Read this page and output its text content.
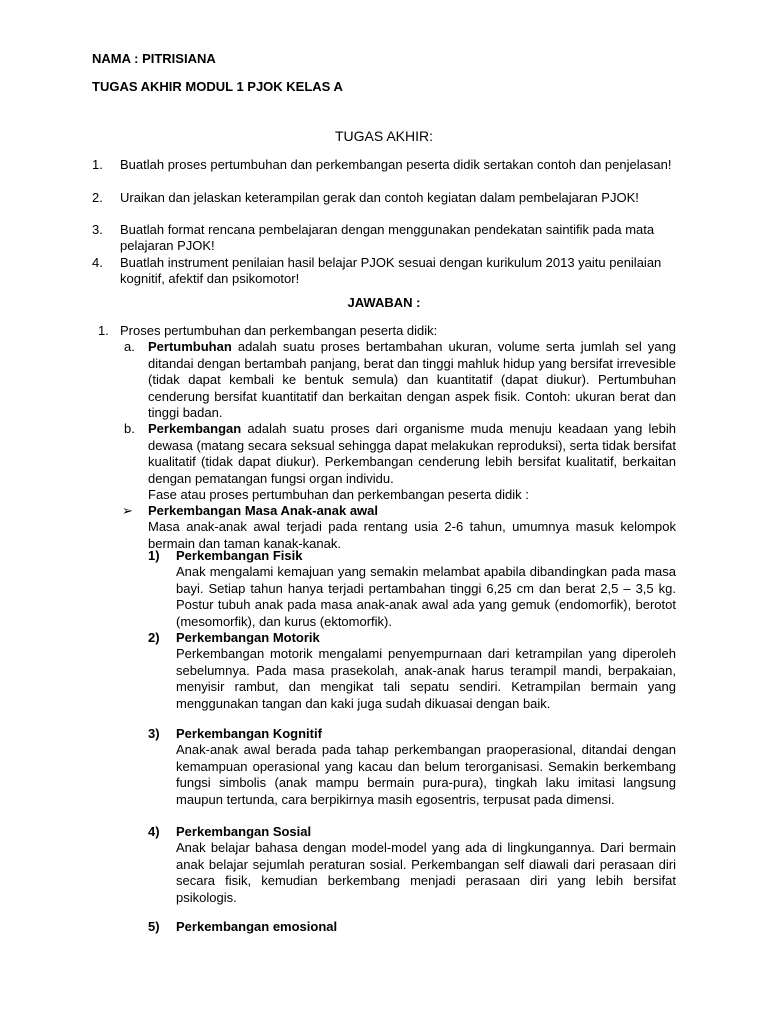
NAMA : PITRISIANA
TUGAS AKHIR MODUL 1 PJOK KELAS A
TUGAS AKHIR:
1. Buatlah proses pertumbuhan dan perkembangan peserta didik sertakan contoh dan penjelasan!
2. Uraikan dan jelaskan keterampilan gerak dan contoh kegiatan dalam pembelajaran PJOK!
3. Buatlah format rencana pembelajaran dengan menggunakan pendekatan saintifik pada mata pelajaran PJOK!
4. Buatlah instrument penilaian hasil belajar PJOK sesuai dengan kurikulum 2013 yaitu penilaian kognitif, afektif dan psikomotor!
JAWABAN :
1. Proses pertumbuhan dan perkembangan peserta didik:
a. Pertumbuhan adalah suatu proses bertambahan ukuran, volume serta jumlah sel yang ditandai dengan bertambah panjang, berat dan tinggi mahluk hidup yang bersifat irrevesible (tidak dapat kembali ke bentuk semula) dan kuantitatif (dapat diukur). Pertumbuhan cenderung bersifat kuantitatif dan berkaitan dengan aspek fisik. Contoh: ukuran berat dan tinggi badan.
b. Perkembangan adalah suatu proses dari organisme muda menuju keadaan yang lebih dewasa (matang secara seksual sehingga dapat melakukan reproduksi), serta tidak bersifat kualitatif (tidak dapat diukur). Perkembangan cenderung lebih bersifat kualitatif, berkaitan dengan pematangan fungsi organ individu.
Fase atau proses pertumbuhan dan perkembangan peserta didik :
➢ Perkembangan Masa Anak-anak awal
Masa anak-anak awal terjadi pada rentang usia 2-6 tahun, umumnya masuk kelompok bermain dan taman kanak-kanak.
1) Perkembangan Fisik
Anak mengalami kemajuan yang semakin melambat apabila dibandingkan pada masa bayi. Setiap tahun hanya terjadi pertambahan tinggi 6,25 cm dan berat 2,5 – 3,5 kg. Postur tubuh anak pada masa anak-anak awal ada yang gemuk (endomorfik), berotot (mesomorfik), dan kurus (ektomorfik).
2) Perkembangan Motorik
Perkembangan motorik mengalami penyempurnaan dari ketrampilan yang diperoleh sebelumnya. Pada masa prasekolah, anak-anak harus terampil mandi, berpakaian, menyisir rambut, dan mengikat tali sepatu sendiri. Ketrampilan bermain yang menggunakan tangan dan kaki juga sudah dikuasai dengan baik.
3) Perkembangan Kognitif
Anak-anak awal berada pada tahap perkembangan praoperasional, ditandai dengan kemampuan operasional yang kacau dan belum terorganisasi. Semakin berkembang fungsi simbolis (anak mampu bermain pura-pura), tingkah laku imitasi langsung maupun tertunda, cara berpikirnya masih egosentris, terpusat pada dimensi.
4) Perkembangan Sosial
Anak belajar bahasa dengan model-model yang ada di lingkungannya. Dari bermain anak belajar sejumlah peraturan sosial. Perkembangan self diawali dari perasaan diri secara fisik, kemudian berkembang menjadi perasaan diri yang lebih bersifat psikologis.
5) Perkembangan emosional
